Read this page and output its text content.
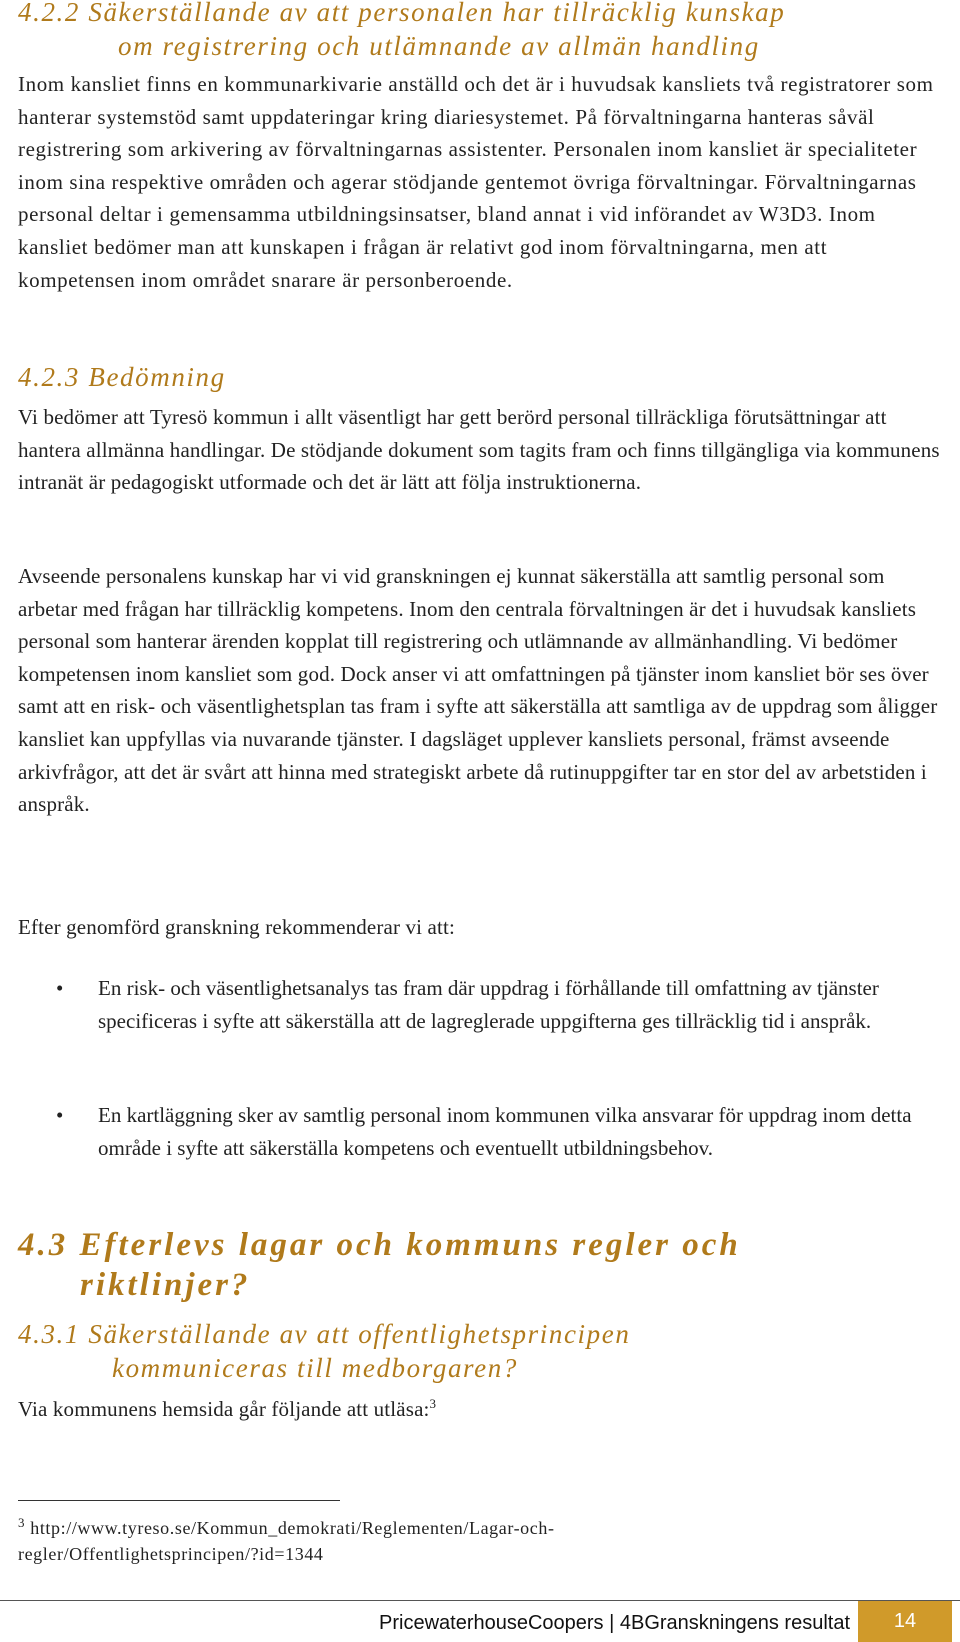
4.2.2 Säkerställande av att personalen har tillräcklig kunskap
om registrering och utlämnande av allmän handling

Inom kansliet finns en kommunarkivarie anställd och det är i huvudsak kansliets två registratorer som hanterar systemstöd samt uppdateringar kring diariesystemet. På förvaltningarna hanteras såväl registrering som arkivering av förvaltningarnas assistenter. Personalen inom kansliet är specialiteter inom sina respektive områden och agerar stödjande gentemot övriga förvaltningar. Förvaltningarnas personal deltar i gemensamma utbildningsinsatser, bland annat i vid införandet av W3D3. Inom kansliet bedömer man att kunskapen i frågan är relativt god inom förvaltningarna, men att kompetensen inom området snarare är personberoende.

4.2.3 Bedömning

Vi bedömer att Tyresö kommun i allt väsentligt har gett berörd personal tillräckliga förutsättningar att hantera allmänna handlingar. De stödjande dokument som tagits fram och finns tillgängliga via kommunens intranät är pedagogiskt utformade och det är lätt att följa instruktionerna.

Avseende personalens kunskap har vi vid granskningen ej kunnat säkerställa att samtlig personal som arbetar med frågan har tillräcklig kompetens. Inom den centrala förvaltningen är det i huvudsak kansliets personal som hanterar ärenden kopplat till registrering och utlämnande av allmänhandling. Vi bedömer kompetensen inom kansliet som god. Dock anser vi att omfattningen på tjänster inom kansliet bör ses över samt att en risk- och väsentlighetsplan tas fram i syfte att säkerställa att samtliga av de uppdrag som åligger kansliet kan uppfyllas via nuvarande tjänster. I dagsläget upplever kansliets personal, främst avseende arkivfrågor, att det är svårt att hinna med strategiskt arbete då rutinuppgifter tar en stor del av arbetstiden i anspråk.

Efter genomförd granskning rekommenderar vi att:

• En risk- och väsentlighetsanalys tas fram där uppdrag i förhållande till omfattning av tjänster specificeras i syfte att säkerställa att de lagreglerade uppgifterna ges tillräcklig tid i anspråk.
• En kartläggning sker av samtlig personal inom kommunen vilka ansvarar för uppdrag inom detta område i syfte att säkerställa kompetens och eventuellt utbildningsbehov.
4.3 Efterlevs lagar och kommuns regler och
riktlinjer?
4.3.1 Säkerställande av att offentlighetsprincipen
kommuniceras till medborgaren?

Via kommunens hemsida går följande att utläsa:$^3$

$^3$ http://www.tyreso.se/Kommun_demokrati/Reglementen/Lagar-och-
regler/Offentlighetsprincipen/?id=1344
PricewaterhouseCoopers | 4BGranskningens resultat	14
